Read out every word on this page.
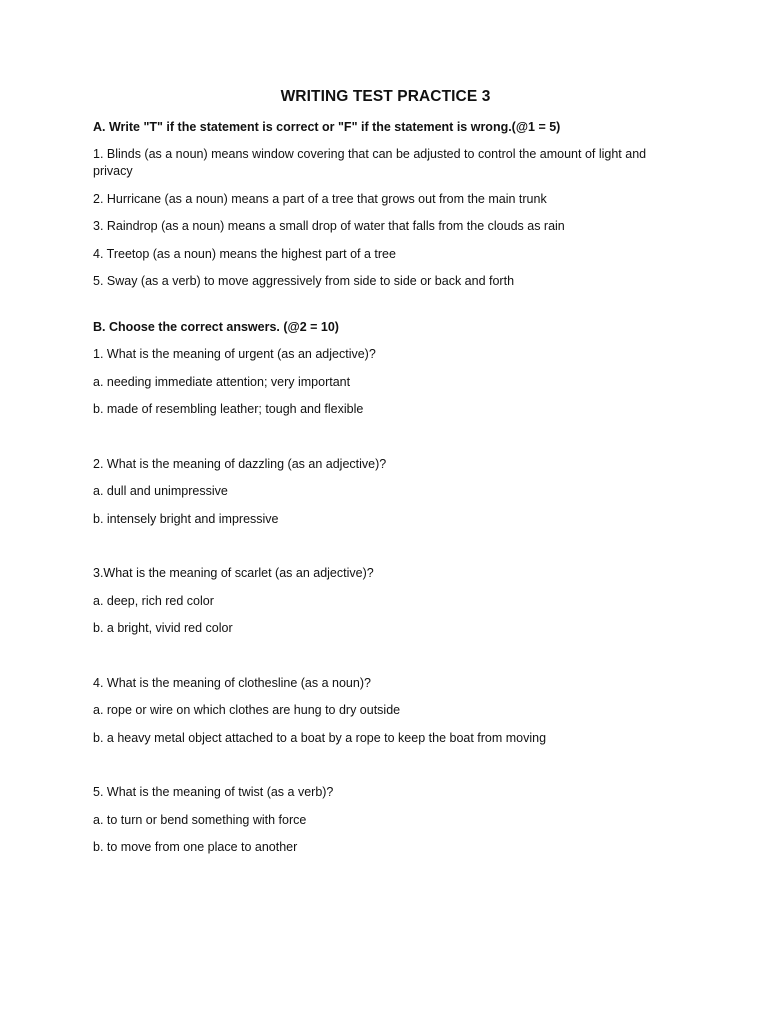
WRITING TEST PRACTICE 3
A. Write "T" if the statement is correct or "F" if the statement is wrong.(@1 = 5)
1. Blinds (as a noun) means window covering that can be adjusted to control the amount of light and privacy
2. Hurricane (as a noun) means a part of a tree that grows out from the main trunk
3. Raindrop (as a noun) means a small drop of water that falls from the clouds as rain
4. Treetop (as a noun) means the highest part of a tree
5. Sway (as a verb) to move aggressively from side to side or back and forth
B. Choose the correct answers. (@2 = 10)
1. What is the meaning of urgent (as an adjective)?
a. needing immediate attention; very important
b. made of resembling leather; tough and flexible
2. What is the meaning of dazzling (as an adjective)?
a. dull and unimpressive
b. intensely bright and impressive
3.What is the meaning of scarlet (as an adjective)?
a. deep, rich red color
b. a bright, vivid red color
4. What is the meaning of clothesline (as a noun)?
a. rope or wire on which clothes are hung to dry outside
b. a heavy metal object attached to a boat by a rope to keep the boat from moving
5. What is the meaning of twist (as a verb)?
a. to turn or bend something with force
b. to move from one place to another
